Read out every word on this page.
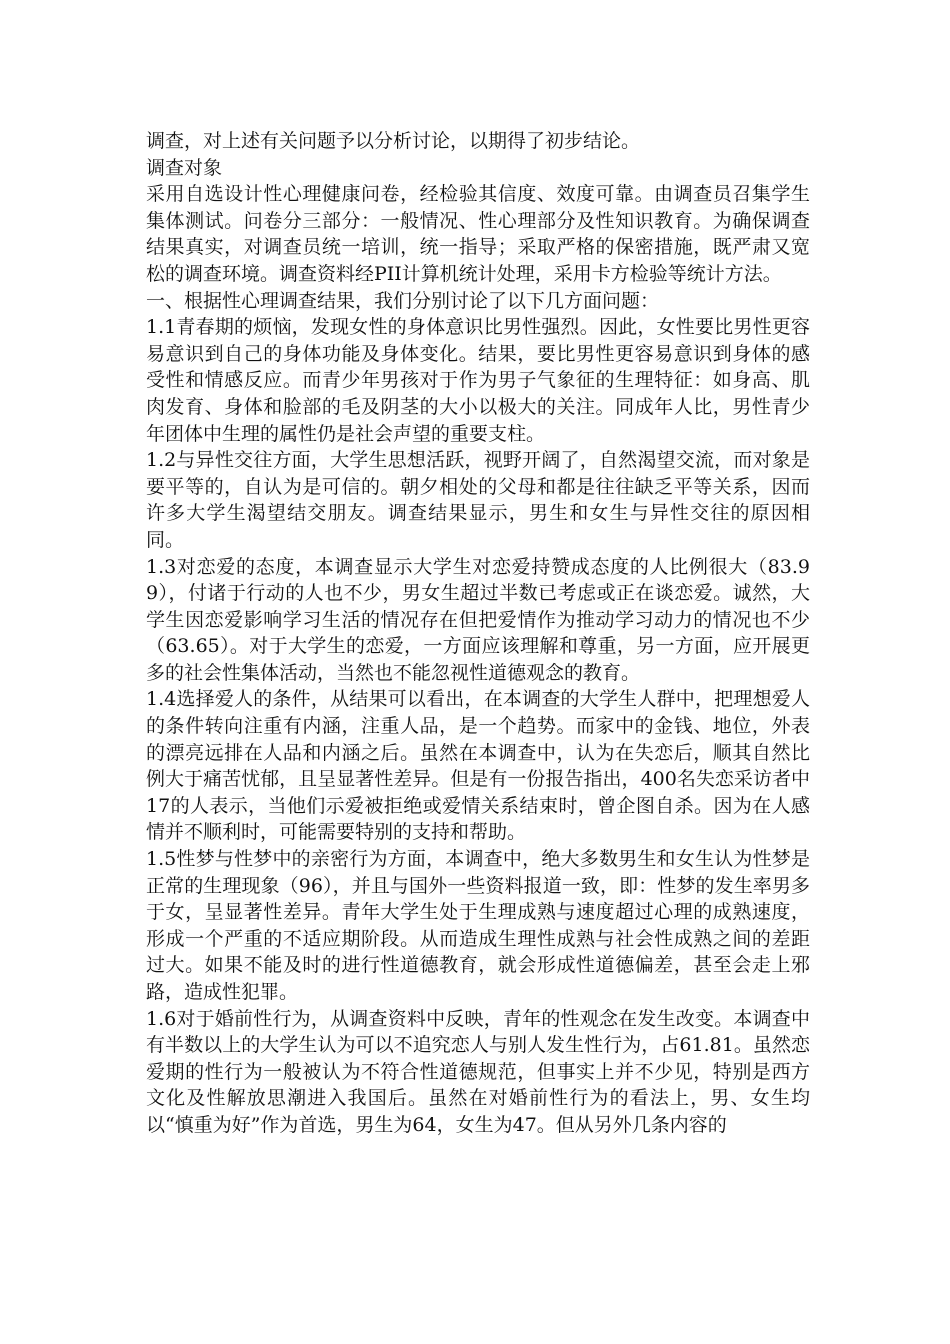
调查，对上述有关问题予以分析讨论，以期得了初步结论。

调查对象

采用自选设计性心理健康问卷，经检验其信度、效度可靠。由调查员召集学生集体测试。问卷分三部分：一般情况、性心理部分及性知识教育。为确保调查结果真实，对调查员统一培训，统一指导；采取严格的保密措施，既严肃又宽松的调查环境。调查资料经PII计算机统计处理，采用卡方检验等统计方法。

一、根据性心理调查结果，我们分别讨论了以下几方面问题：

1.1青春期的烦恼，发现女性的身体意识比男性强烈。因此，女性要比男性更容易意识到自己的身体功能及身体变化。结果，要比男性更容易意识到身体的感受性和情感反应。而青少年男孩对于作为男子气象征的生理特征：如身高、肌肉发育、身体和脸部的毛及阴茎的大小以极大的关注。同成年人比，男性青少年团体中生理的属性仍是社会声望的重要支柱。

1.2与异性交往方面，大学生思想活跃，视野开阔了，自然渴望交流，而对象是要平等的，自认为是可信的。朝夕相处的父母和都是往往缺乏平等关系，因而许多大学生渴望结交朋友。调查结果显示，男生和女生与异性交往的原因相同。

1.3对恋爱的态度，本调查显示大学生对恋爱持赞成态度的人比例很大（83.99），付诸于行动的人也不少，男女生超过半数已考虑或正在谈恋爱。诚然，大学生因恋爱影响学习生活的情况存在但把爱情作为推动学习动力的情况也不少（63.65）。对于大学生的恋爱，一方面应该理解和尊重，另一方面，应开展更多的社会性集体活动，当然也不能忽视性道德观念的教育。

1.4选择爱人的条件，从结果可以看出，在本调查的大学生人群中，把理想爱人的条件转向注重有内涵，注重人品，是一个趋势。而家中的金钱、地位，外表的漂亮远排在人品和内涵之后。虽然在本调查中，认为在失恋后，顺其自然比例大于痛苦忧郁，且呈显著性差异。但是有一份报告指出，400名失恋采访者中17的人表示，当他们示爱被拒绝或爱情关系结束时，曾企图自杀。因为在人感情并不顺利时，可能需要特别的支持和帮助。

1.5性梦与性梦中的亲密行为方面，本调查中，绝大多数男生和女生认为性梦是正常的生理现象（96），并且与国外一些资料报道一致，即：性梦的发生率男多于女，呈显著性差异。青年大学生处于生理成熟与速度超过心理的成熟速度，形成一个严重的不适应期阶段。从而造成生理性成熟与社会性成熟之间的差距过大。如果不能及时的进行性道德教育，就会形成性道德偏差，甚至会走上邪路，造成性犯罪。

1.6对于婚前性行为，从调查资料中反映，青年的性观念在发生改变。本调查中有半数以上的大学生认为可以不追究恋人与别人发生性行为，占61.81。虽然恋爱期的性行为一般被认为不符合性道德规范，但事实上并不少见，特别是西方文化及性解放思潮进入我国后。虽然在对婚前性行为的看法上，男、女生均以“慎重为好”作为首选，男生为64，女生为47。但从另外几条内容的
